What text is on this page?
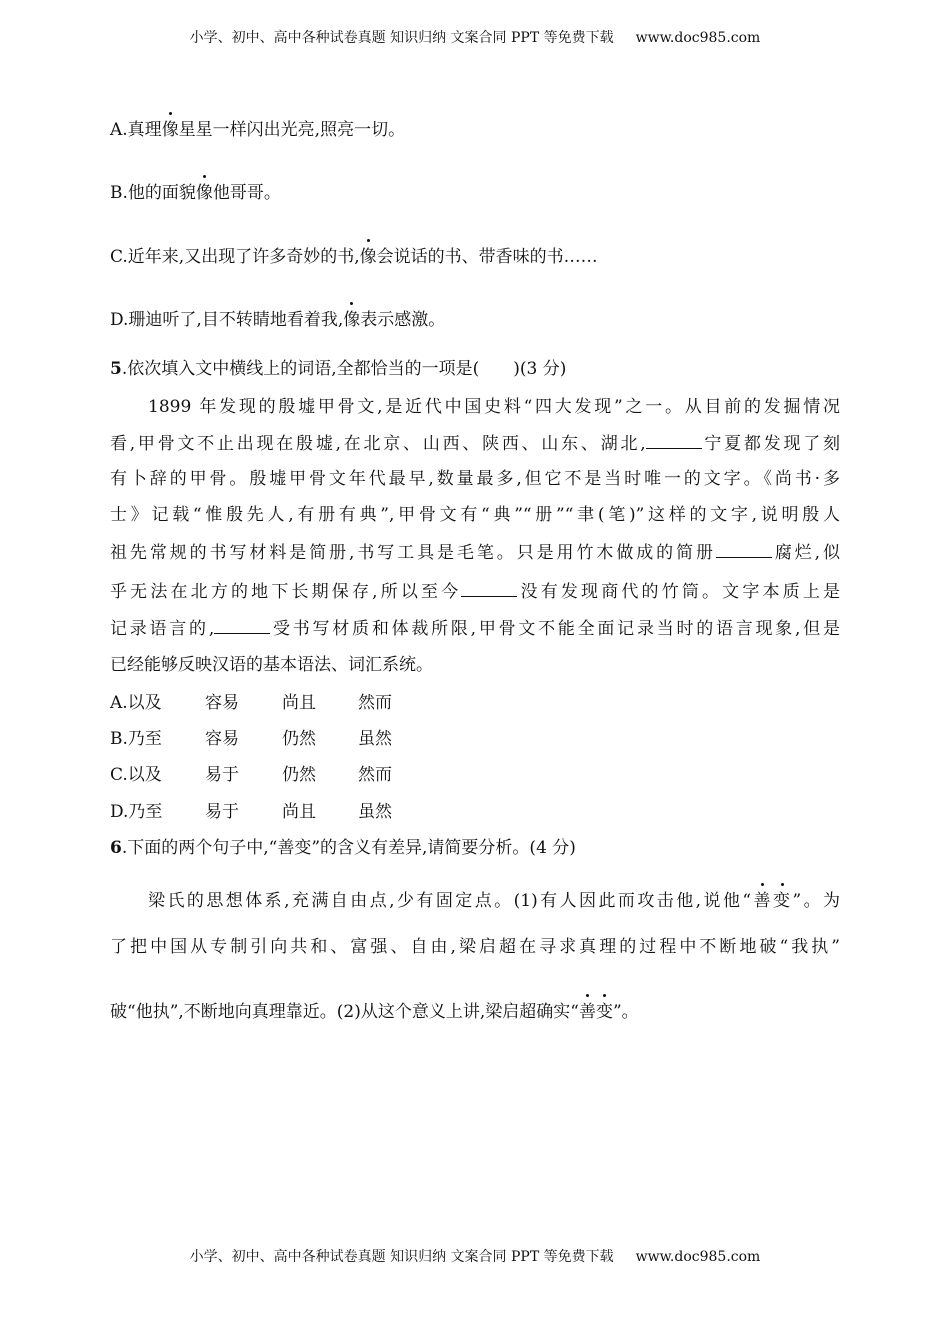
小学、初中、高中各种试卷真题 知识归纳 文案合同 PPT 等免费下载 www.doc985.com
A.真理像星星一样闪出光亮,照亮一切。
B.他的面貌像他哥哥。
C.近年来,又出现了许多奇妙的书,像会说话的书、带香味的书……
D.珊迪听了,目不转睛地看着我,像表示感激。
5.依次填入文中横线上的词语,全都恰当的一项是(　　)(3 分)
1899 年发现的殷墟甲骨文,是近代中国史料“四大发现”之一。从目前的发掘情况
看,甲骨文不止出现在殷墟,在北京、山西、陕西、山东、湖北,	宁夏都发现了刻
有卜辞的甲骨。殷墟甲骨文年代最早,数量最多,但它不是当时唯一的文字。《尚书·多
士》记载“惟殷先人,有册有典”,甲骨文有“典”“册”“聿(笔)”这样的文字,说明殷人
祖先常规的书写材料是简册,书写工具是毛笔。只是用竹木做成的简册	腐烂,似
乎无法在北方的地下长期保存,所以至今	没有发现商代的竹筒。文字本质上是
记录语言的,	受书写材质和体裁所限,甲骨文不能全面记录当时的语言现象,但是
已经能够反映汉语的基本语法、词汇系统。
A.以及	容易	尚且 然而
B.乃至	容易	仍然 虽然
C.以及	易于	仍然 然而
D.乃至	易于	尚且 虽然
6.下面的两个句子中,“善变”的含义有差异,请简要分析。(4 分)
梁氏的思想体系,充满自由点,少有固定点。(1)有人因此而攻击他,说他“善变”。为
了把中国从专制引向共和、富强、自由,梁启超在寻求真理的过程中不断地破“我执”
破“他执”,不断地向真理靠近。(2)从这个意义上讲,梁启超确实“善变”。
小学、初中、高中各种试卷真题 知识归纳 文案合同 PPT 等免费下载 www.doc985.com
